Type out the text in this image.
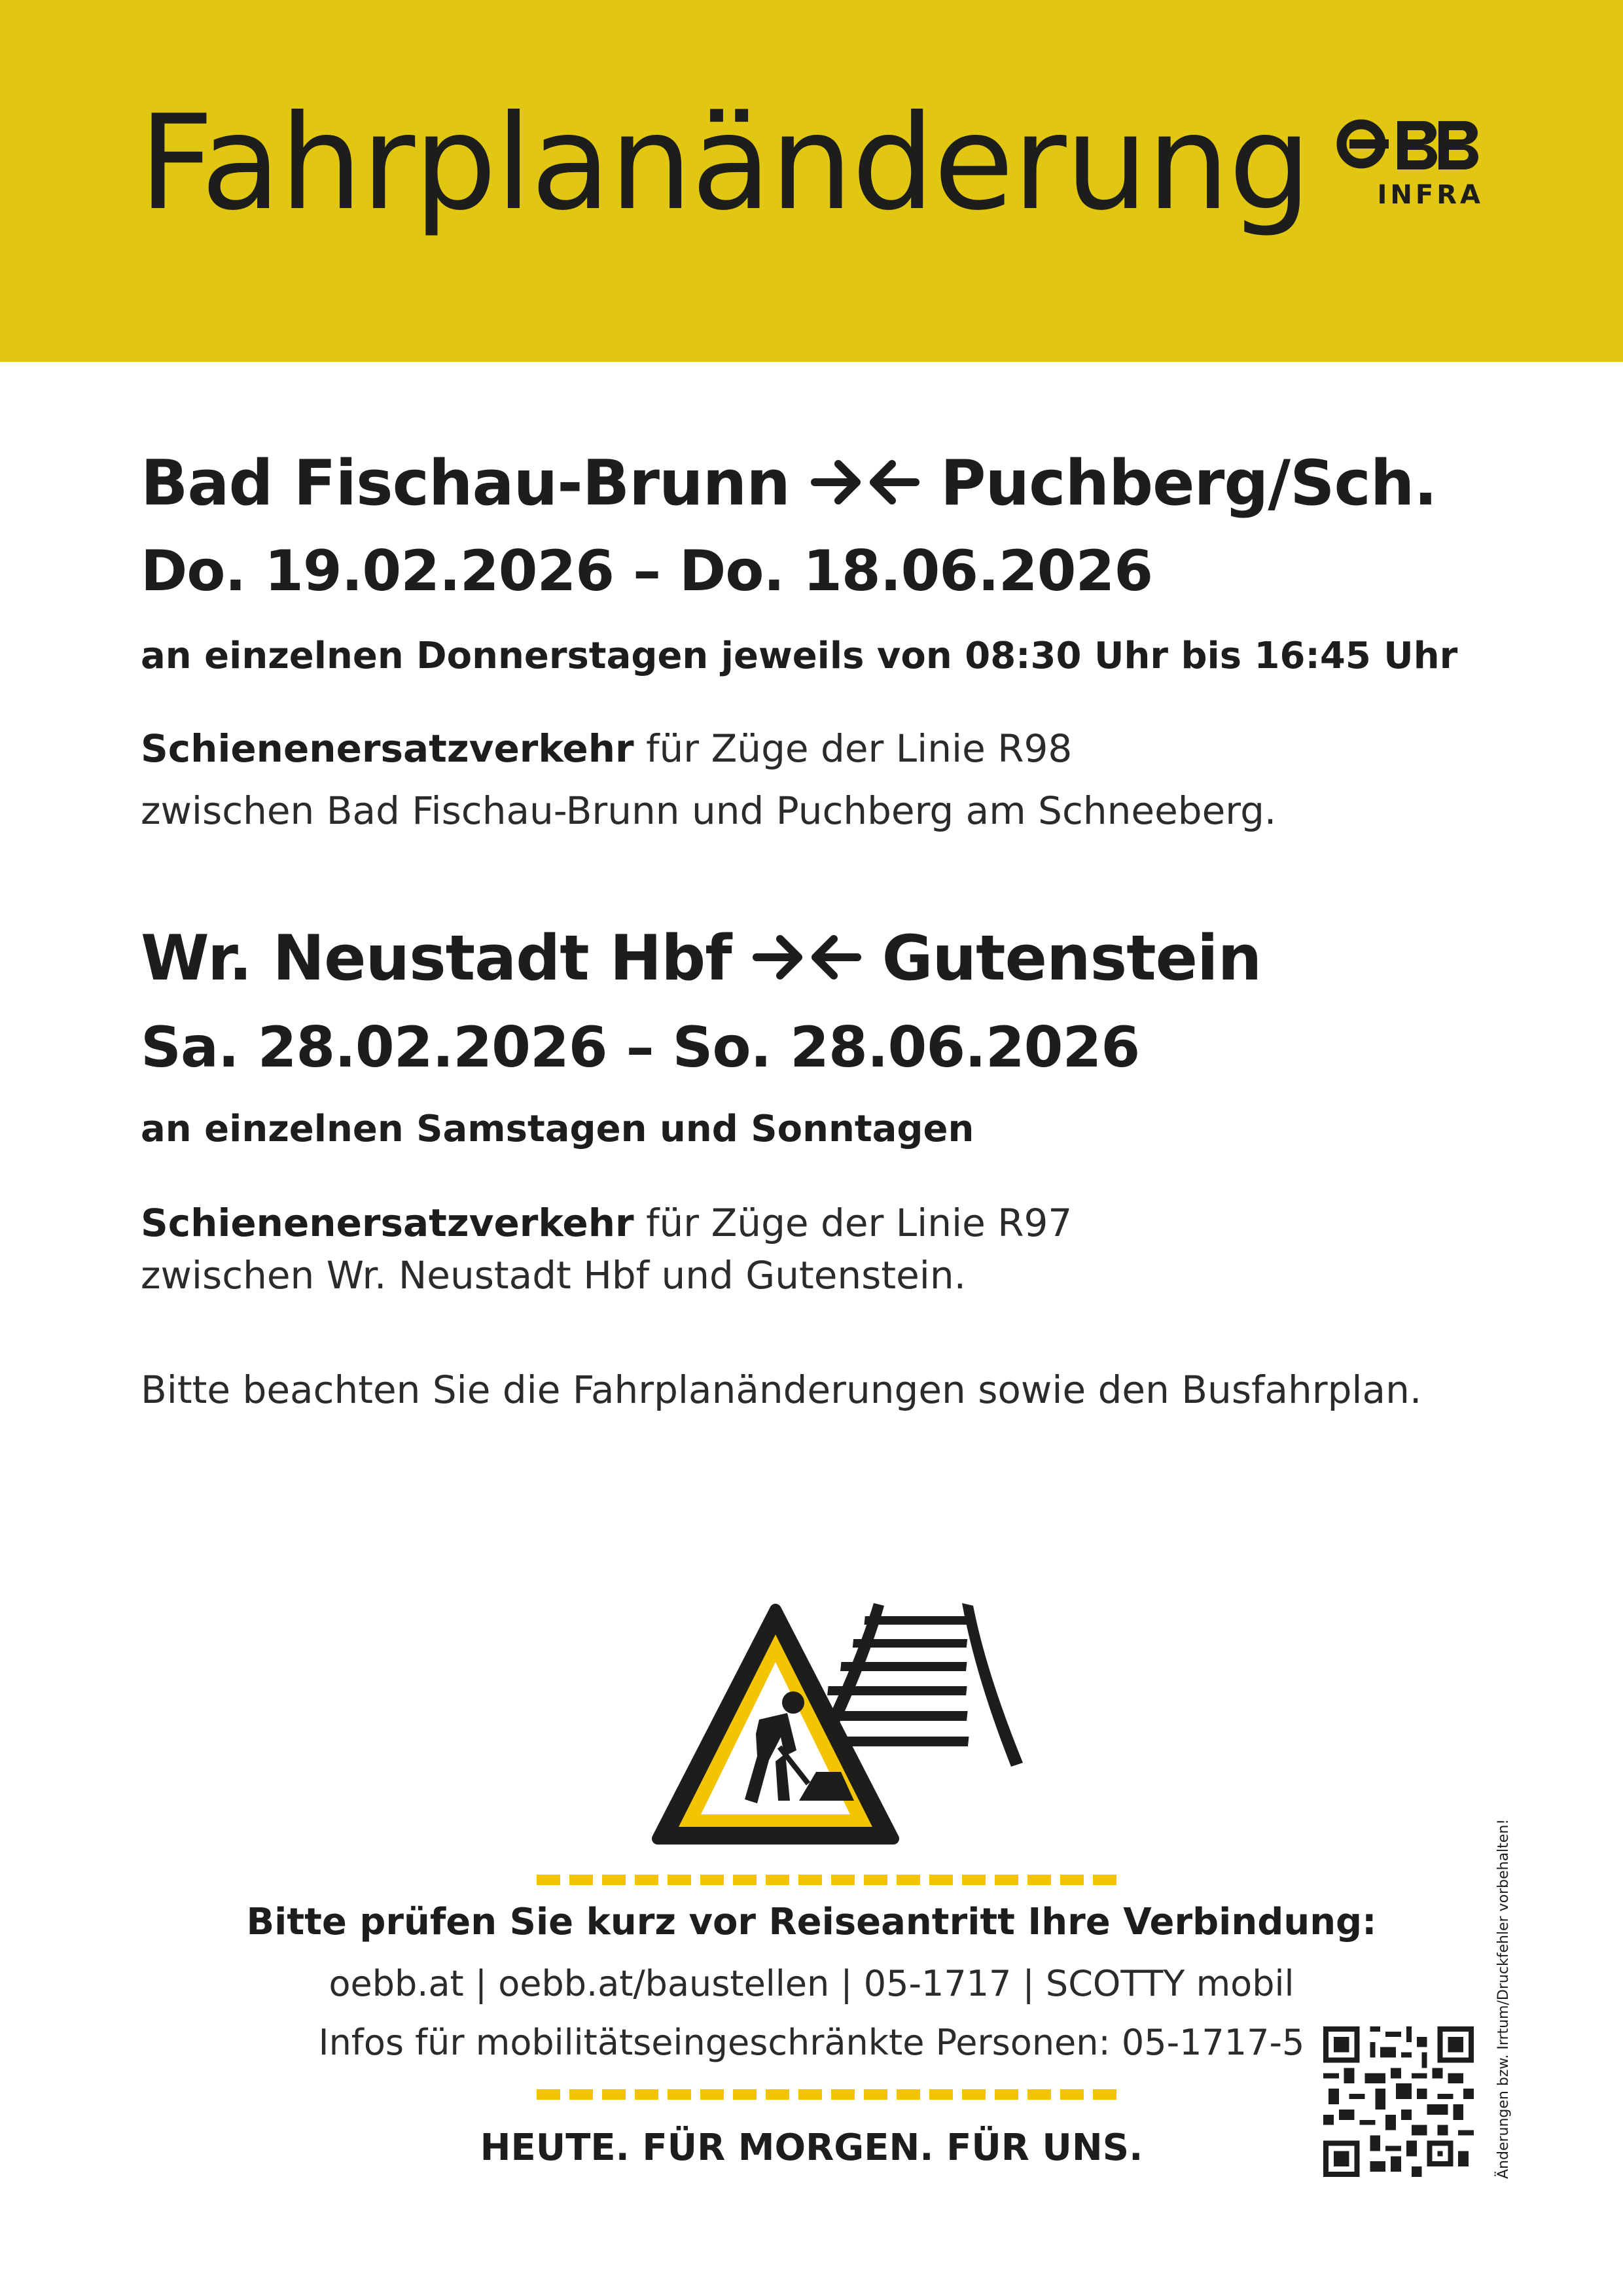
Fahrplanänderung	INFRA
Bad Fischau-Brunn Puchberg/Sch.
Do. 19.02.2026 – Do. 18.06.2026
an einzelnen Donnerstagen jeweils von 08:30 Uhr bis 16:45 Uhr
Schienenersatzverkehr für Züge der Linie R98
zwischen Bad Fischau-Brunn und Puchberg am Schneeberg.
Wr. Neustadt Hbf Gutenstein
Sa. 28.02.2026 – So. 28.06.2026
an einzelnen Samstagen und Sonntagen
Schienenersatzverkehr für Züge der Linie R97
zwischen Wr. Neustadt Hbf und Gutenstein.
Bitte beachten Sie die Fahrplanänderungen sowie den Busfahrplan.
Bitte prüfen Sie kurz vor Reiseantritt Ihre Verbindung:
oebb.at | oebb.at/baustellen | 05-1717 | SCOTTY mobil
Infos für mobilitätseingeschränkte Personen: 05-1717-5
HEUTE. FÜR MORGEN. FÜR UNS.	Änderungen bzw. Irrtum/Druckfehler vorbehalten!
